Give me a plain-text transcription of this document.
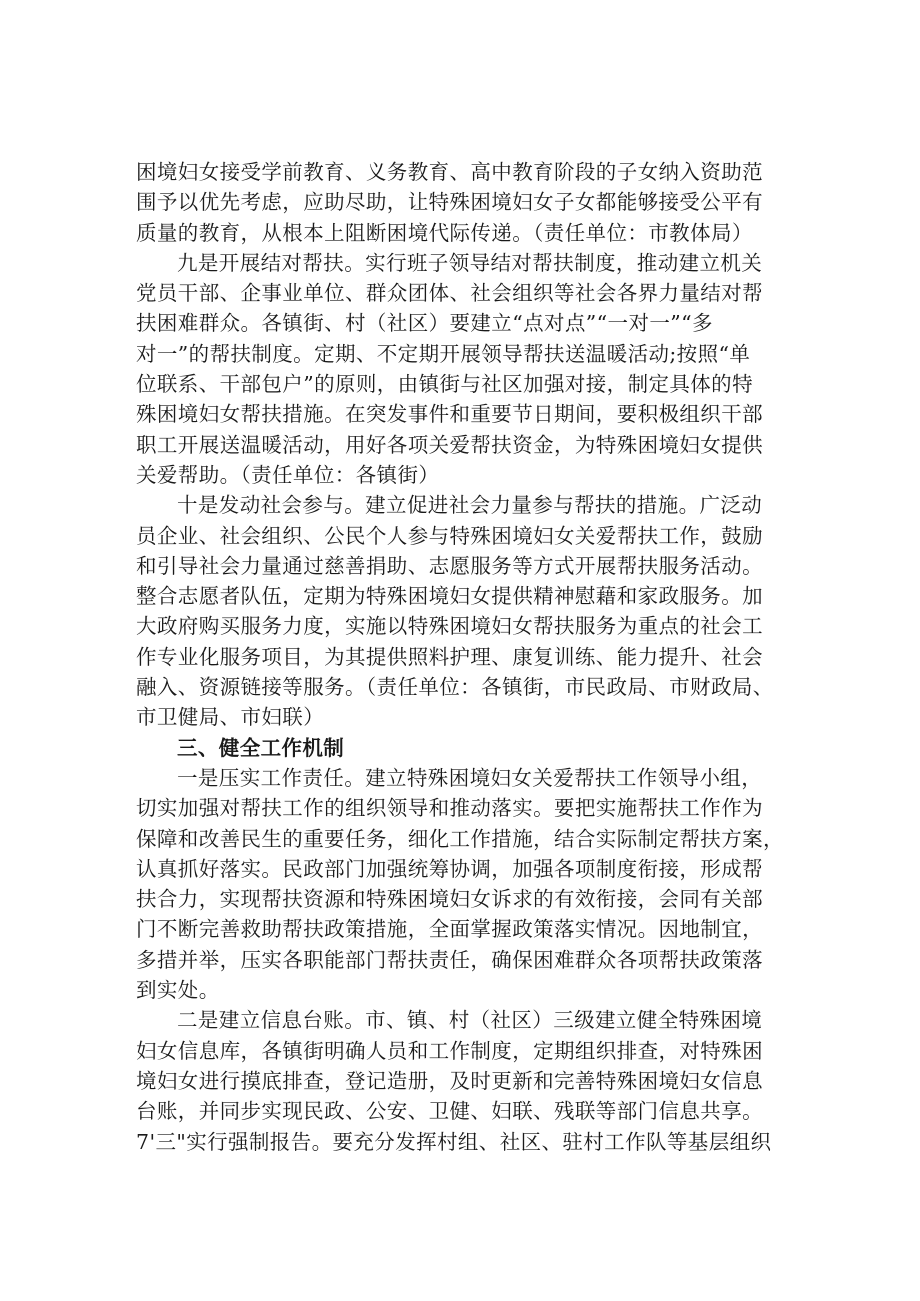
困境妇女接受学前教育、义务教育、高中教育阶段的子女纳入资助范
围予以优先考虑，应助尽助，让特殊困境妇女子女都能够接受公平有
质量的教育，从根本上阻断困境代际传递。（责任单位：市教体局）
九是开展结对帮扶。实行班子领导结对帮扶制度，推动建立机关
党员干部、企事业单位、群众团体、社会组织等社会各界力量结对帮
扶困难群众。各镇街、村（社区）要建立“点对点”“一对一”“多
对一”的帮扶制度。定期、不定期开展领导帮扶送温暖活动;按照“单
位联系、干部包户”的原则，由镇街与社区加强对接，制定具体的特
殊困境妇女帮扶措施。在突发事件和重要节日期间，要积极组织干部
职工开展送温暖活动，用好各项关爱帮扶资金，为特殊困境妇女提供
关爱帮助。（责任单位：各镇街）
十是发动社会参与。建立促进社会力量参与帮扶的措施。广泛动
员企业、社会组织、公民个人参与特殊困境妇女关爱帮扶工作，鼓励
和引导社会力量通过慈善捐助、志愿服务等方式开展帮扶服务活动。
整合志愿者队伍，定期为特殊困境妇女提供精神慰藉和家政服务。加
大政府购买服务力度，实施以特殊困境妇女帮扶服务为重点的社会工
作专业化服务项目，为其提供照料护理、康复训练、能力提升、社会
融入、资源链接等服务。（责任单位：各镇街，市民政局、市财政局、
市卫健局、市妇联）
三、健全工作机制
一是压实工作责任。建立特殊困境妇女关爱帮扶工作领导小组，
切实加强对帮扶工作的组织领导和推动落实。要把实施帮扶工作作为
保障和改善民生的重要任务，细化工作措施，结合实际制定帮扶方案，
认真抓好落实。民政部门加强统筹协调，加强各项制度衔接，形成帮
扶合力，实现帮扶资源和特殊困境妇女诉求的有效衔接，会同有关部
门不断完善救助帮扶政策措施，全面掌握政策落实情况。因地制宜，
多措并举，压实各职能部门帮扶责任，确保困难群众各项帮扶政策落
到实处。
二是建立信息台账。市、镇、村（社区）三级建立健全特殊困境
妇女信息库，各镇街明确人员和工作制度，定期组织排查，对特殊困
境妇女进行摸底排查，登记造册，及时更新和完善特殊困境妇女信息
台账，并同步实现民政、公安、卫健、妇联、残联等部门信息共享。
7'三"实行强制报告。要充分发挥村组、社区、驻村工作队等基层组织
